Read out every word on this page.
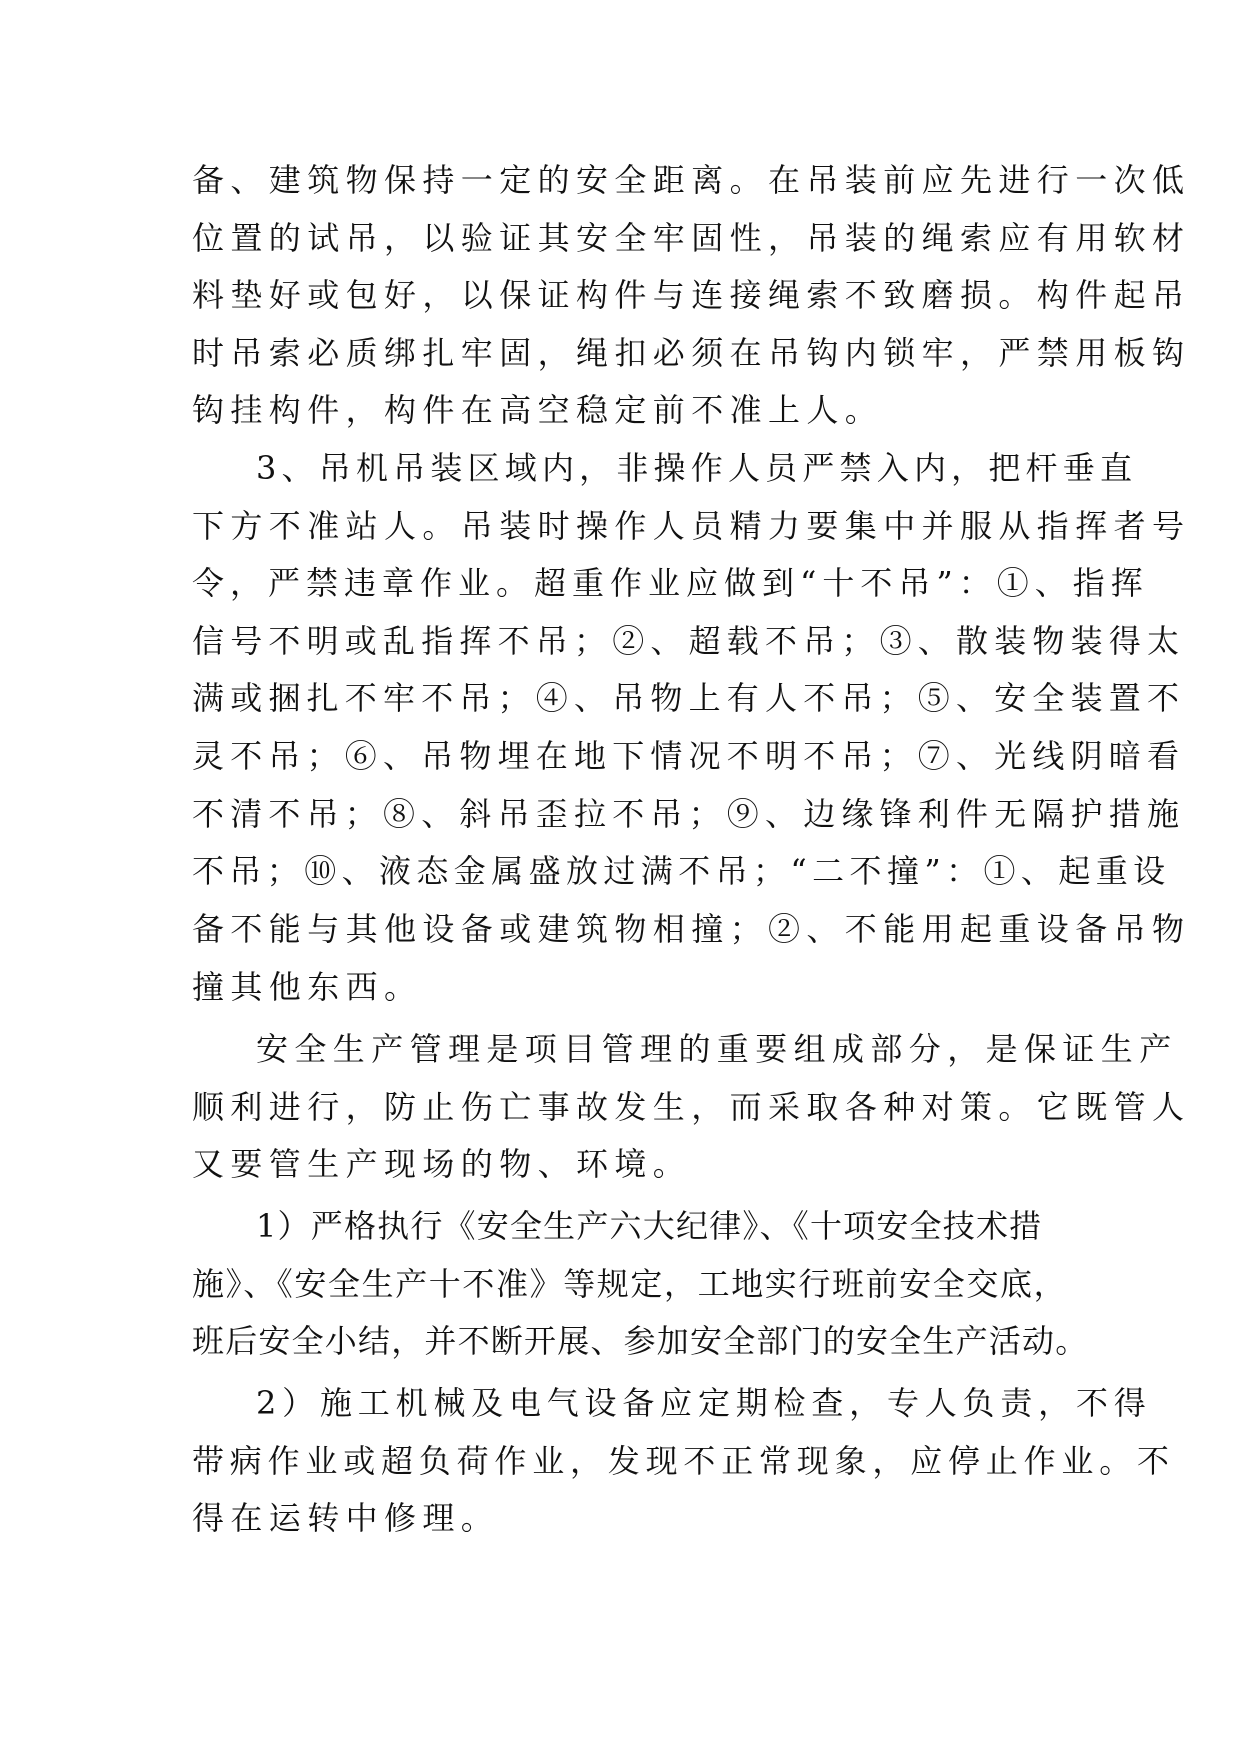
备、建筑物保持一定的安全距离。在吊装前应先进行一次低
位置的试吊，以验证其安全牢固性，吊装的绳索应有用软材
料垫好或包好，以保证构件与连接绳索不致磨损。构件起吊
时吊索必质绑扎牢固，绳扣必须在吊钩内锁牢，严禁用板钩
钩挂构件，构件在高空稳定前不准上人。
3、吊机吊装区域内，非操作人员严禁入内，把杆垂直
下方不准站人。吊装时操作人员精力要集中并服从指挥者号
令，严禁违章作业。超重作业应做到“十不吊”：①、指挥
信号不明或乱指挥不吊；②、超载不吊；③、散装物装得太
满或捆扎不牢不吊；④、吊物上有人不吊；⑤、安全装置不
灵不吊；⑥、吊物埋在地下情况不明不吊；⑦、光线阴暗看
不清不吊；⑧、斜吊歪拉不吊；⑨、边缘锋利件无隔护措施
不吊；⑩、液态金属盛放过满不吊；“二不撞”：①、起重设
备不能与其他设备或建筑物相撞；②、不能用起重设备吊物
撞其他东西。
安全生产管理是项目管理的重要组成部分，是保证生产
顺利进行，防止伤亡事故发生，而采取各种对策。它既管人
又要管生产现场的物、环境。
1）严格执行《安全生产六大纪律》、《十项安全技术措
施》、《安全生产十不准》等规定，工地实行班前安全交底，
班后安全小结，并不断开展、参加安全部门的安全生产活动。
2）施工机械及电气设备应定期检查，专人负责，不得
带病作业或超负荷作业，发现不正常现象，应停止作业。不
得在运转中修理。
